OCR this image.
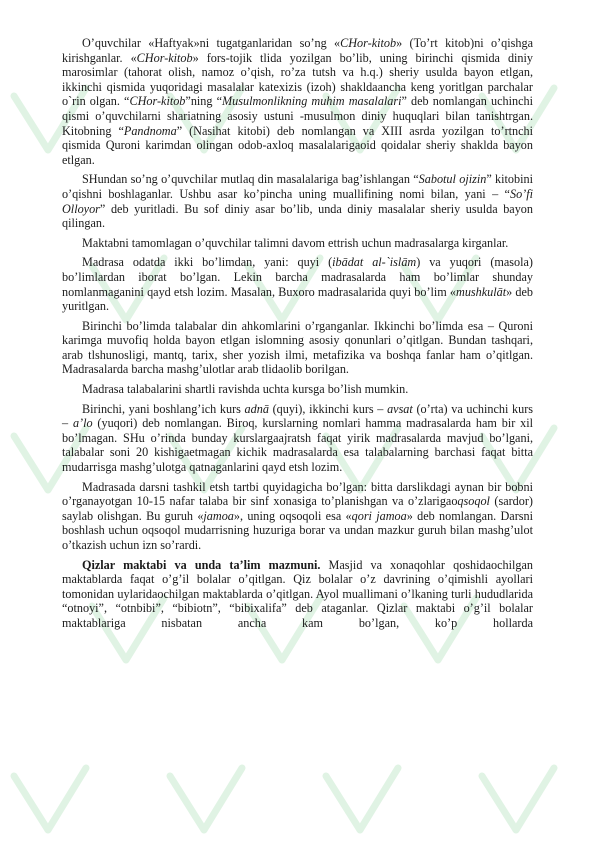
O’quvchilar «Haftyak»ni tugatganlaridan so’ng «CHor-kitob» (To’rt kitob)ni o’qishga kirishganlar. «CHor-kitob» fors-tojik tlida yozilgan bo’lib, uning birinchi qismida diniy marosimlar (tahorat olish, namoz o’qish, ro’za tutsh va h.q.) sheriy usulda bayon etlgan, ikkinchi qismida yuqoridagi masalalar katexizis (izoh) shakldaancha keng yoritlgan parchalar o`rin olgan. “CHor-kitob”ning “Musulmonlikning muhim masalalari” deb nomlangan uchinchi qismi o’quvchilarni shariatning asosiy ustuni -musulmon diniy huquqlari bilan tanishtrgan. Kitobning “Pandnoma” (Nasihat kitobi) deb nomlangan va XIII asrda yozilgan to’rtnchi qismida Quroni karimdan olingan odob-axloq masalalarigaoid qoidalar sheriy shaklda bayon etlgan.

SHundan so’ng o’quvchilar mutlaq din masalalariga bag’ishlangan “Sabotul ojizin” kitobini o’qishni boshlaganlar. Ushbu asar ko’pincha uning muallifining nomi bilan, yani – “So’fi Olloyor” deb yuritladi. Bu sof diniy asar bo’lib, unda diniy masalalar sheriy usulda bayon qilingan.

Maktabni tamomlagan o’quvchilar talimni davom ettrish uchun madrasalarga kirganlar.

Madrasa odatda ikki bo’limdan, yani: quyi (ibādat al-`islām) va yuqori (masola) bo’limlardan iborat bo’lgan. Lekin barcha madrasalarda ham bo’limlar shunday nomlanmaganini qayd etsh lozim. Masalan, Buxoro madrasalarida quyi bo’lim «mushkulāt» deb yuritlgan.

Birinchi bo’limda talabalar din ahkomlarini o’rganganlar. Ikkinchi bo’limda esa – Quroni karimga muvofiq holda bayon etlgan islomning asosiy qonunlari o’qitlgan. Bundan tashqari, arab tlshunosligi, mantq, tarix, sher yozish ilmi, metafizika va boshqa fanlar ham o’qitlgan. Madrasalarda barcha mashg’ulotlar arab tlidaolib borilgan.

Madrasa talabalarini shartli ravishda uchta kursga bo’lish mumkin.

Birinchi, yani boshlang’ich kurs adnā (quyi), ikkinchi kurs – avsat (o’rta) va uchinchi kurs – a’lo (yuqori) deb nomlangan. Biroq, kurslarning nomlari hamma madrasalarda ham bir xil bo’lmagan. SHu o’rinda bunday kurslargaajratsh faqat yirik madrasalarda mavjud bo’lgani, talabalar soni 20 kishigaetmagan kichik madrasalarda esa talabalarning barchasi faqat bitta mudarrisga mashg’ulotga qatnaganlarini qayd etsh lozim.

Madrasada darsni tashkil etsh tartbi quyidagicha bo’lgan: bitta darslikdagi aynan bir bobni o’rganayotgan 10-15 nafar talaba bir sinf xonasiga to’planishgan va o’zlarigaoqsoqol (sardor) saylab olishgan. Bu guruh «jamoa», uning oqsoqoli esa «qori jamoa» deb nomlangan. Darsni boshlash uchun oqsoqol mudarrisning huzuriga borar va undan mazkur guruh bilan mashg’ulot o’tkazish uchun izn so’rardi.

Qizlar maktabi va unda ta’lim mazmuni. Masjid va xonaqohlar qoshidaochilgan maktablarda faqat o’g’il bolalar o’qitlgan. Qiz bolalar o’z davrining o’qimishli ayollari tomonidan uylaridaochilgan maktablarda o’qitlgan. Ayol muallimani o’lkaning turli hududlarida “otnoyi”, “otnbibi”, “bibiotn”, “bibixalifa” deb ataganlar. Qizlar maktabi o’g’il bolalar maktablariga nisbatan ancha kam bo’lgan, ko’p hollarda
